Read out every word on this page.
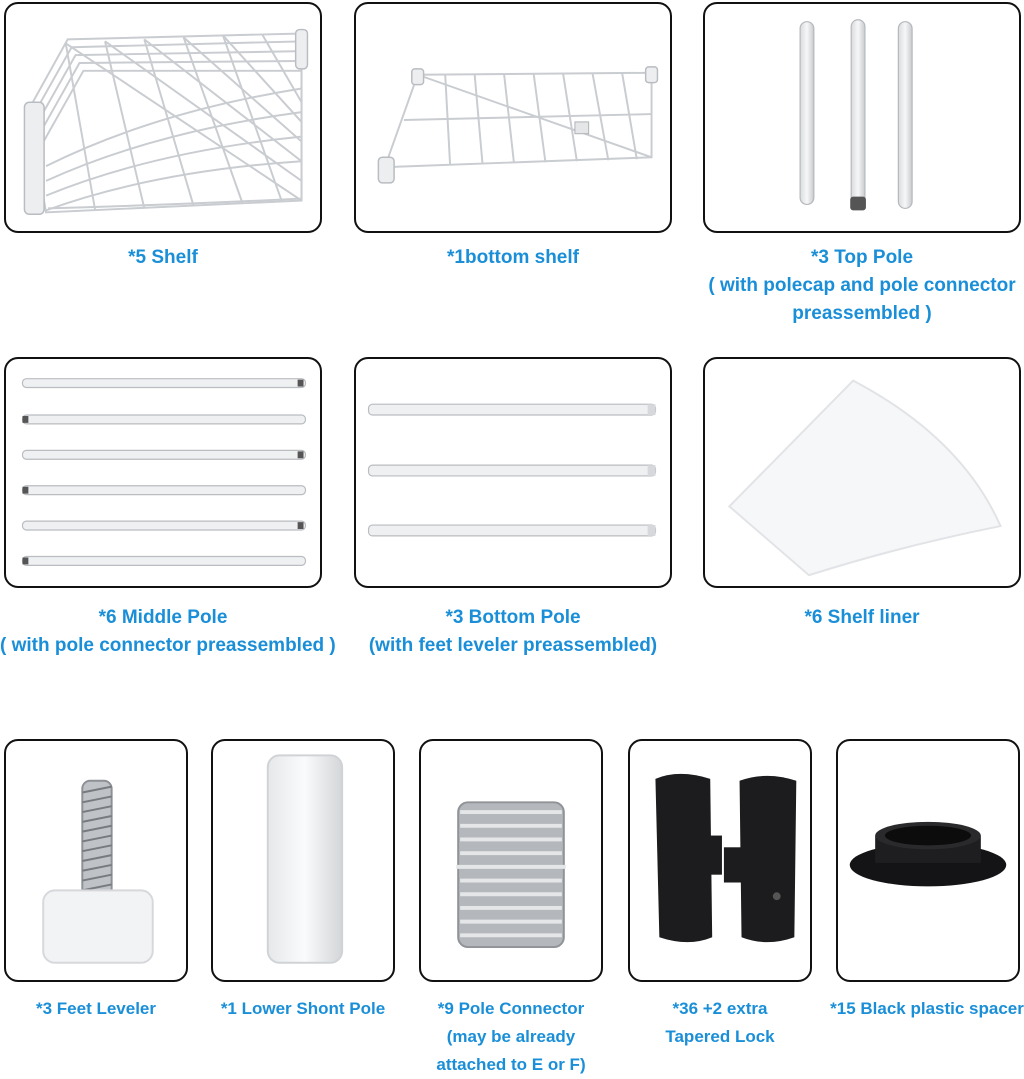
*5 Shelf	*1bottom shelf	*3 Top Pole
( with polecap and pole connector
preassembled )
*6 Middle Pole
( with pole connector preassembled )
*3 Bottom Pole
(with feet leveler preassembled)
*6 Shelf liner
*3 Feet Leveler	*1 Lower Shont Pole	*9 Pole Connector
(may be already
attached to E or F)
*36 +2 extra
Tapered Lock
*15 Black plastic spacer
